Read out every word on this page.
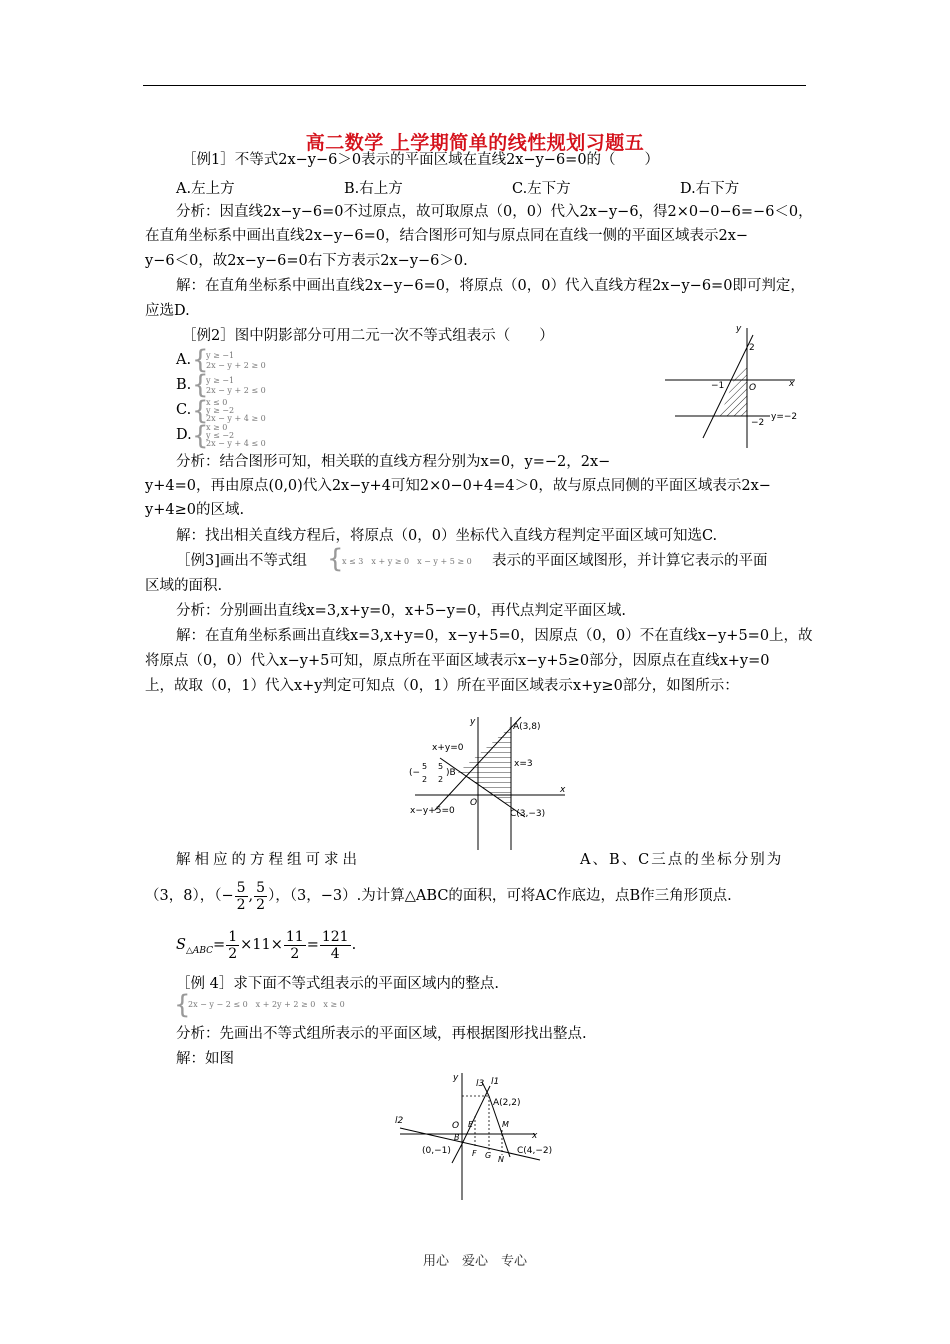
高二数学 上学期简单的线性规划习题五
［例1］不等式2x−y−6＞0表示的平面区域在直线2x−y−6=0的（　　）
A.左上方	B.右上方	C.左下方	D.右下方
分析：因直线2x−y−6=0不过原点，故可取原点（0，0）代入2x−y−6，得2×0−0−6=−6＜0，
在直角坐标系中画出直线2x−y−6=0，结合图形可知与原点同在直线一侧的平面区域表示2x−
y−6＜0，故2x−y−6=0右下方表示2x−y−6＞0.
解：在直角坐标系中画出直线2x−y−6=0，将原点（0，0）代入直线方程2x−y−6=0即可判定，
应选D.
［例2］图中阴影部分可用二元一次不等式组表示（　　）
A. {
y ≥ −1
2x − y + 2 ≥ 0
B. {
y ≥ −1
2x − y + 2 ≤ 0
C. {
x ≤ 0
y ≥ −2
2x − y + 4 ≥ 0
D. {
x ≥ 0
y ≤ −2
2x − y + 4 ≤ 0
y
x
2
−1	O
−2
y=−2
分析：结合图形可知，相关联的直线方程分别为x=0，y=−2，2x−
y+4=0，再由原点(0,0)代入2x−y+4可知2×0−0+4=4＞0，故与原点同侧的平面区域表示2x−
y+4≥0的区域.
解：找出相关直线方程后，将原点（0，0）坐标代入直线方程判定平面区域可知选C.
［例3]画出不等式组 {
x ≤ 3　x + y ≥ 0　x − y + 5 ≥ 0 表示的平面区域图形，并计算它表示的平面
区域的面积.
分析：分别画出直线x=3,x+y=0，x+5−y=0，再代点判定平面区域.
解：在直角坐标系画出直线x=3,x+y=0，x−y+5=0，因原点（0，0）不在直线x−y+5=0上，故
将原点（0，0）代入x−y+5可知，原点所在平面区域表示x−y+5≥0部分，因原点在直线x+y=0
上，故取（0，1）代入x+y判定可知点（0，1）所在平面区域表示x+y≥0部分，如图所示：
y
x
A(3,8)
x+y=0
x=3
(−
5
2
5
2
)B
O
x−y+5=0	C(3,−3)
解相应的方程组可求出	A、B、C三点的坐标分别为
（3，8），（− $\frac{5}{2}$ , $\frac{5}{2}$ ），（3，−3）.为计算△ABC的面积，可将AC作底边，点B作三角形顶点.
$S_{\triangle ABC}= \frac{1}{2} \times 11\times \frac{11}{2} = \frac{121}{4}$ .
［例 4］求下面不等式组表示的平面区域内的整点.
{
2x − y − 2 ≤ 0　x + 2y + 2 ≥ 0　x ≥ 0
分析：先画出不等式组所表示的平面区域，再根据图形找出整点.
解：如图
y
x
l3 l1
l2
A(2,2)
O E	M
B
F G N
C(4,−2)
(0,−1)
用心　爱心　专心
